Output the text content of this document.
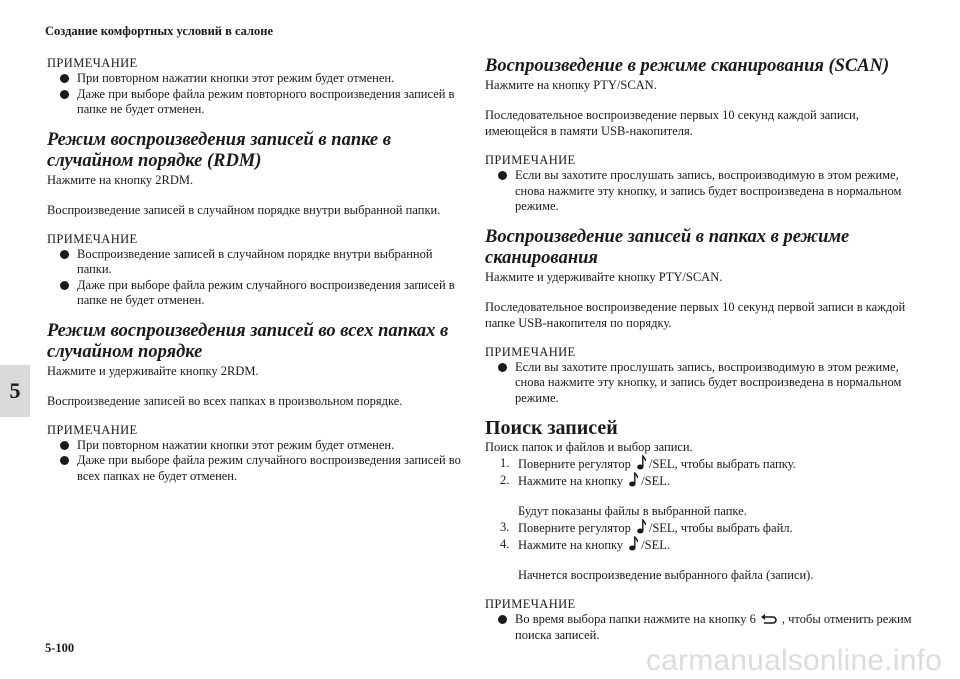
Создание комфортных условий в салоне
5
ПРИМЕЧАНИЕ
При повторном нажатии кнопки этот режим будет отменен.
Даже при выборе файла режим повторного воспроизведения записей в папке не будет отменен.
Режим воспроизведения записей в папке в случайном порядке (RDM)

Нажмите на кнопку 2RDM.

Воспроизведение записей в случайном порядке внутри выбранной папки.

ПРИМЕЧАНИЕ
Воспроизведение записей в случайном порядке внутри выбранной папки.
Даже при выборе файла режим случайного воспроизведения записей в папке не будет отменен.
Режим воспроизведения записей во всех папках в случайном порядке

Нажмите и удерживайте кнопку 2RDM.

Воспроизведение записей во всех папках в произвольном порядке.

ПРИМЕЧАНИЕ
При повторном нажатии кнопки этот режим будет отменен.
Даже при выборе файла режим случайного воспроизведения записей во всех папках не будет отменен.
Воспроизведение в режиме сканирования (SCAN)

Нажмите на кнопку PTY/SCAN.

Последовательное воспроизведение первых 10 секунд каждой записи, имеющейся в памяти USB-накопителя.

ПРИМЕЧАНИЕ
Если вы захотите прослушать запись, воспроизводимую в этом режиме, снова нажмите эту кнопку, и запись будет воспроизведена в нормальном режиме.
Воспроизведение записей в папках в режиме сканирования

Нажмите и удерживайте кнопку PTY/SCAN.

Последовательное воспроизведение первых 10 секунд первой записи в каждой папке USB-накопителя по порядку.

ПРИМЕЧАНИЕ
Если вы захотите прослушать запись, воспроизводимую в этом режиме, снова нажмите эту кнопку, и запись будет воспроизведена в нормальном режиме.
Поиск записей

Поиск папок и файлов и выбор записи.

1. Поверните регулятор /SEL, чтобы выбрать папку.
2. Нажмите на кнопку /SEL.
Будут показаны файлы в выбранной папке.
3. Поверните регулятор /SEL, чтобы выбрать файл.
4. Нажмите на кнопку /SEL.
Начнется воспроизведение выбранного файла (записи).
ПРИМЕЧАНИЕ
Во время выбора папки нажмите на кнопку 6 , чтобы отменить режим поиска записей.
5-100	carmanualsonline.info
